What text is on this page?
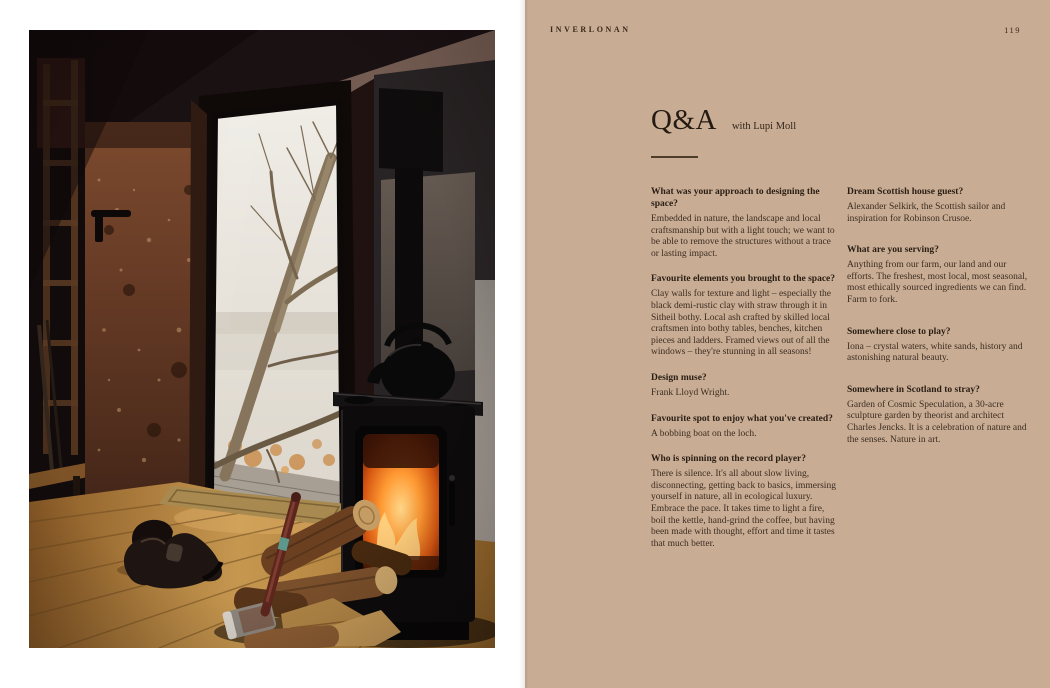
INVERLONAN	119
Q&A with Lupi Moll
What was your approach to designing the space?

Embedded in nature, the landscape and local craftsmanship but with a light touch; we want to be able to remove the structures without a trace or lasting impact.

Favourite elements you brought to the space?

Clay walls for texture and light – especially the black demi-rustic clay with straw through it in Sitheil bothy. Local ash crafted by skilled local craftsmen into bothy tables, benches, kitchen pieces and ladders. Framed views out of all the windows – they're stunning in all seasons!

Design muse?

Frank Lloyd Wright.

Favourite spot to enjoy what you've created?

A bobbing boat on the loch.

Who is spinning on the record player?

There is silence. It's all about slow living, disconnecting, getting back to basics, immersing yourself in nature, all in ecological luxury. Embrace the pace. It takes time to light a fire, boil the kettle, hand-grind the coffee, but having been made with thought, effort and time it tastes that much better.

Dream Scottish house guest?

Alexander Selkirk, the Scottish sailor and inspiration for Robinson Crusoe.

What are you serving?

Anything from our farm, our land and our efforts. The freshest, most local, most seasonal, most ethically sourced ingredients we can find. Farm to fork.

Somewhere close to play?

Iona – crystal waters, white sands, history and astonishing natural beauty.

Somewhere in Scotland to stray?

Garden of Cosmic Speculation, a 30-acre sculpture garden by theorist and architect Charles Jencks. It is a celebration of nature and the senses. Nature in art.
